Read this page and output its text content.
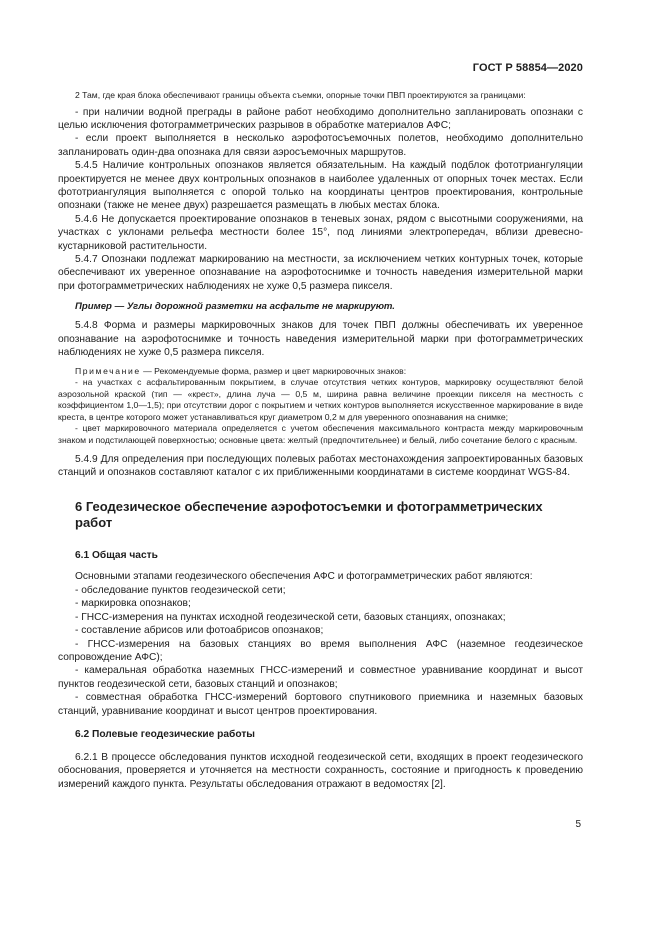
ГОСТ Р 58854—2020

2 Там, где края блока обеспечивают границы объекта съемки, опорные точки ПВП проектируются за границами:

- при наличии водной преграды в районе работ необходимо дополнительно запланировать опознаки с целью исключения фотограмметрических разрывов в обработке материалов АФС;

- если проект выполняется в несколько аэрофотосъемочных полетов, необходимо дополнительно запланировать один-два опознака для связи аэросъемочных маршрутов.

5.4.5 Наличие контрольных опознаков является обязательным. На каждый подблок фототриангуляции проектируется не менее двух контрольных опознаков в наиболее удаленных от опорных точек местах. Если фототриангуляция выполняется с опорой только на координаты центров проектирования, контрольные опознаки (также не менее двух) разрешается размещать в любых местах блока.

5.4.6 Не допускается проектирование опознаков в теневых зонах, рядом с высотными сооружениями, на участках с уклонами рельефа местности более 15°, под линиями электропередач, вблизи древесно-кустарниковой растительности.

5.4.7 Опознаки подлежат маркированию на местности, за исключением четких контурных точек, которые обеспечивают их уверенное опознавание на аэрофотоснимке и точность наведения измерительной марки при фотограмметрических наблюдениях не хуже 0,5 размера пикселя.

Пример — Углы дорожной разметки на асфальте не маркируют.

5.4.8 Форма и размеры маркировочных знаков для точек ПВП должны обеспечивать их уверенное опознавание на аэрофотоснимке и точность наведения измерительной марки при фотограмметрических наблюдениях не хуже 0,5 размера пикселя.

Примечание — Рекомендуемые форма, размер и цвет маркировочных знаков:

- на участках с асфальтированным покрытием, в случае отсутствия четких контуров, маркировку осуществляют белой аэрозольной краской (тип — «крест», длина луча — 0,5 м, ширина равна величине проекции пикселя на местность с коэффициентом 1,0—1,5); при отсутствии дорог с покрытием и четких контуров выполняется искусственное маркирование в виде креста, в центре которого может устанавливаться круг диаметром 0,2 м для уверенного опознавания на снимке;

- цвет маркировочного материала определяется с учетом обеспечения максимального контраста между маркировочным знаком и подстилающей поверхностью; основные цвета: желтый (предпочтительнее) и белый, либо сочетание белого с красным.

5.4.9 Для определения при последующих полевых работах местонахождения запроектированных базовых станций и опознаков составляют каталог с их приближенными координатами в системе координат WGS-84.

6 Геодезическое обеспечение аэрофотосъемки и фотограмметрических работ

6.1 Общая часть

Основными этапами геодезического обеспечения АФС и фотограмметрических работ являются:

- обследование пунктов геодезической сети;

- маркировка опознаков;

- ГНСС-измерения на пунктах исходной геодезической сети, базовых станциях, опознаках;

- составление абрисов или фотоабрисов опознаков;

- ГНСС-измерения на базовых станциях во время выполнения АФС (наземное геодезическое сопровождение АФС);

- камеральная обработка наземных ГНСС-измерений и совместное уравнивание координат и высот пунктов геодезической сети, базовых станций и опознаков;

- совместная обработка ГНСС-измерений бортового спутникового приемника и наземных базовых станций, уравнивание координат и высот центров проектирования.

6.2 Полевые геодезические работы

6.2.1 В процессе обследования пунктов исходной геодезической сети, входящих в проект геодезического обоснования, проверяется и уточняется на местности сохранность, состояние и пригодность к проведению измерений каждого пункта. Результаты обследования отражают в ведомостях [2].

5
